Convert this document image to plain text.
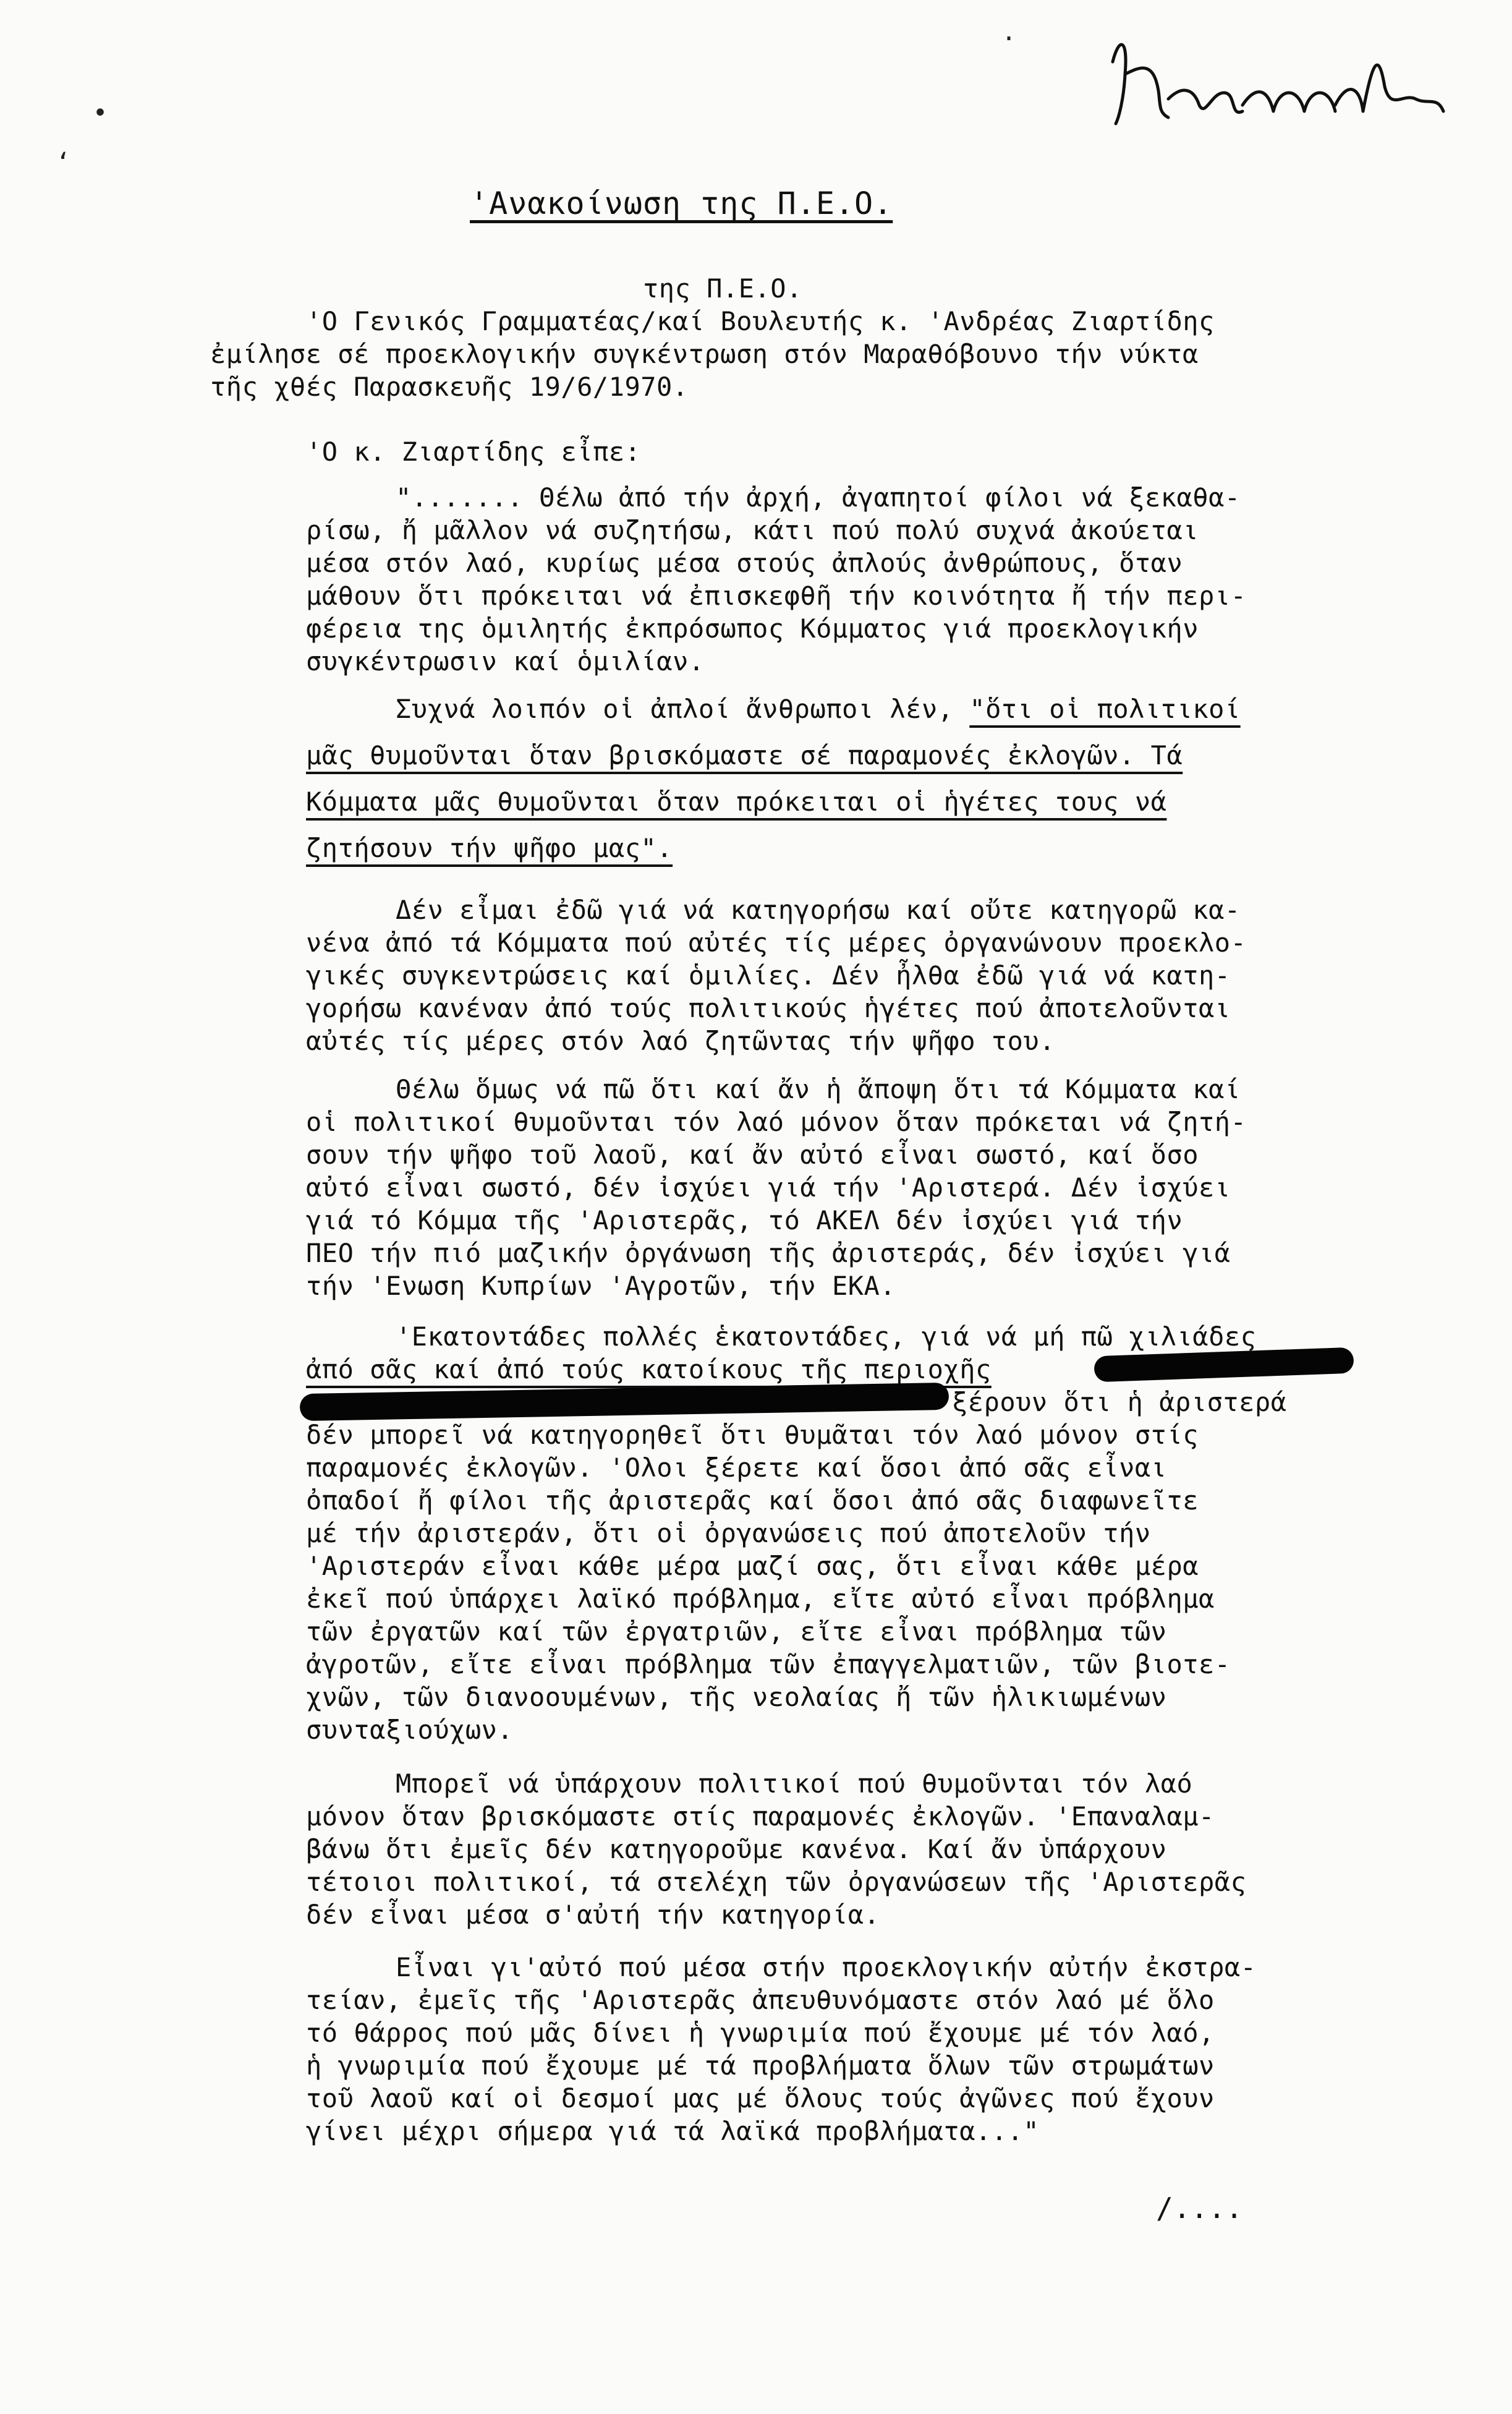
•
‘
·
'Ανακοίνωση της Π.Ε.Ο.

της Π.Ε.Ο.

'Ο Γενικός Γραμματέας/καί Βουλευτής κ. 'Ανδρέας Ζιαρτίδης

ἐμίλησε σέ προεκλογικήν συγκέντρωση στόν Μαραθόβουνο τήν νύκτα

τῆς χθές Παρασκευῆς 19/6/1970.

'Ο κ. Ζιαρτίδης εἶπε:

"....... Θέλω ἀπό τήν ἀρχή, ἀγαπητοί φίλοι νά ξεκαθα-

ρίσω, ἤ μᾶλλον νά συζητήσω, κάτι πού πολύ συχνά ἀκούεται

μέσα στόν λαό, κυρίως μέσα στούς ἀπλούς ἀνθρώπους, ὅταν

μάθουν ὅτι πρόκειται νά ἐπισκεφθῆ τήν κοινότητα ἤ τήν περι-

φέρεια της ὁμιλητής ἐκπρόσωπος Κόμματος γιά προεκλογικήν

συγκέντρωσιν καί ὁμιλίαν.

Συχνά λοιπόν οἱ ἀπλοί ἄνθρωποι λέν, "ὅτι οἱ πολιτικοί

μᾶς θυμοῦνται ὅταν βρισκόμαστε σέ παραμονές ἐκλογῶν. Τά

Κόμματα μᾶς θυμοῦνται ὅταν πρόκειται οἱ ἡγέτες τους νά

ζητήσουν τήν ψῆφο μας".

Δέν εἶμαι ἐδῶ γιά νά κατηγορήσω καί οὔτε κατηγορῶ κα-

νένα ἀπό τά Κόμματα πού αὐτές τίς μέρες ὀργανώνουν προεκλο-

γικές συγκεντρώσεις καί ὁμιλίες. Δέν ἦλθα ἐδῶ γιά νά κατη-

γορήσω κανέναν ἀπό τούς πολιτικούς ἡγέτες πού ἀποτελοῦνται

αὐτές τίς μέρες στόν λαό ζητῶντας τήν ψῆφο του.

Θέλω ὅμως νά πῶ ὅτι καί ἄν ἡ ἄποψη ὅτι τά Κόμματα καί

οἱ πολιτικοί θυμοῦνται τόν λαό μόνον ὅταν πρόκεται νά ζητή-

σουν τήν ψῆφο τοῦ λαοῦ, καί ἄν αὐτό εἶναι σωστό, καί ὅσο

αὐτό εἶναι σωστό, δέν ἰσχύει γιά τήν 'Αριστερά. Δέν ἰσχύει

γιά τό Κόμμα τῆς 'Αριστερᾶς, τό ΑΚΕΛ δέν ἰσχύει γιά τήν

ΠΕΟ τήν πιό μαζικήν ὀργάνωση τῆς ἀριστεράς, δέν ἰσχύει γιά

τήν 'Ενωση Κυπρίων 'Αγροτῶν, τήν ΕΚΑ.

'Εκατοντάδες πολλές ἑκατοντάδες, γιά νά μή πῶ χιλιάδες

ἀπό σᾶς καί ἀπό τούς κατοίκους τῆς περιοχῆς

ξέρουν ὅτι ἡ ἀριστερά

δέν μπορεῖ νά κατηγορηθεῖ ὅτι θυμᾶται τόν λαό μόνον στίς

παραμονές ἐκλογῶν. 'Ολοι ξέρετε καί ὅσοι ἀπό σᾶς εἶναι

ὀπαδοί ἤ φίλοι τῆς ἀριστερᾶς καί ὅσοι ἀπό σᾶς διαφωνεῖτε

μέ τήν ἀριστεράν, ὅτι οἱ ὀργανώσεις πού ἀποτελοῦν τήν

'Αριστεράν εἶναι κάθε μέρα μαζί σας, ὅτι εἶναι κάθε μέρα

ἐκεῖ πού ὑπάρχει λαϊκό πρόβλημα, εἴτε αὐτό εἶναι πρόβλημα

τῶν ἐργατῶν καί τῶν ἐργατριῶν, εἴτε εἶναι πρόβλημα τῶν

ἀγροτῶν, εἴτε εἶναι πρόβλημα τῶν ἐπαγγελματιῶν, τῶν βιοτε-

χνῶν, τῶν διανοουμένων, τῆς νεολαίας ἤ τῶν ἡλικιωμένων

συνταξιούχων.

Μπορεῖ νά ὑπάρχουν πολιτικοί πού θυμοῦνται τόν λαό

μόνον ὅταν βρισκόμαστε στίς παραμονές ἐκλογῶν. 'Επαναλαμ-

βάνω ὅτι ἐμεῖς δέν κατηγοροῦμε κανένα. Καί ἄν ὑπάρχουν

τέτοιοι πολιτικοί, τά στελέχη τῶν ὀργανώσεων τῆς 'Αριστερᾶς

δέν εἶναι μέσα σ'αὐτή τήν κατηγορία.

Εἶναι γι'αὐτό πού μέσα στήν προεκλογικήν αὐτήν ἐκστρα-

τείαν, ἐμεῖς τῆς 'Αριστερᾶς ἀπευθυνόμαστε στόν λαό μέ ὅλο

τό θάρρος πού μᾶς δίνει ἡ γνωριμία πού ἔχουμε μέ τόν λαό,

ἡ γνωριμία πού ἔχουμε μέ τά προβλήματα ὅλων τῶν στρωμάτων

τοῦ λαοῦ καί οἱ δεσμοί μας μέ ὅλους τούς ἀγῶνες πού ἔχουν

γίνει μέχρι σήμερα γιά τά λαϊκά προβλήματα..."

/....
